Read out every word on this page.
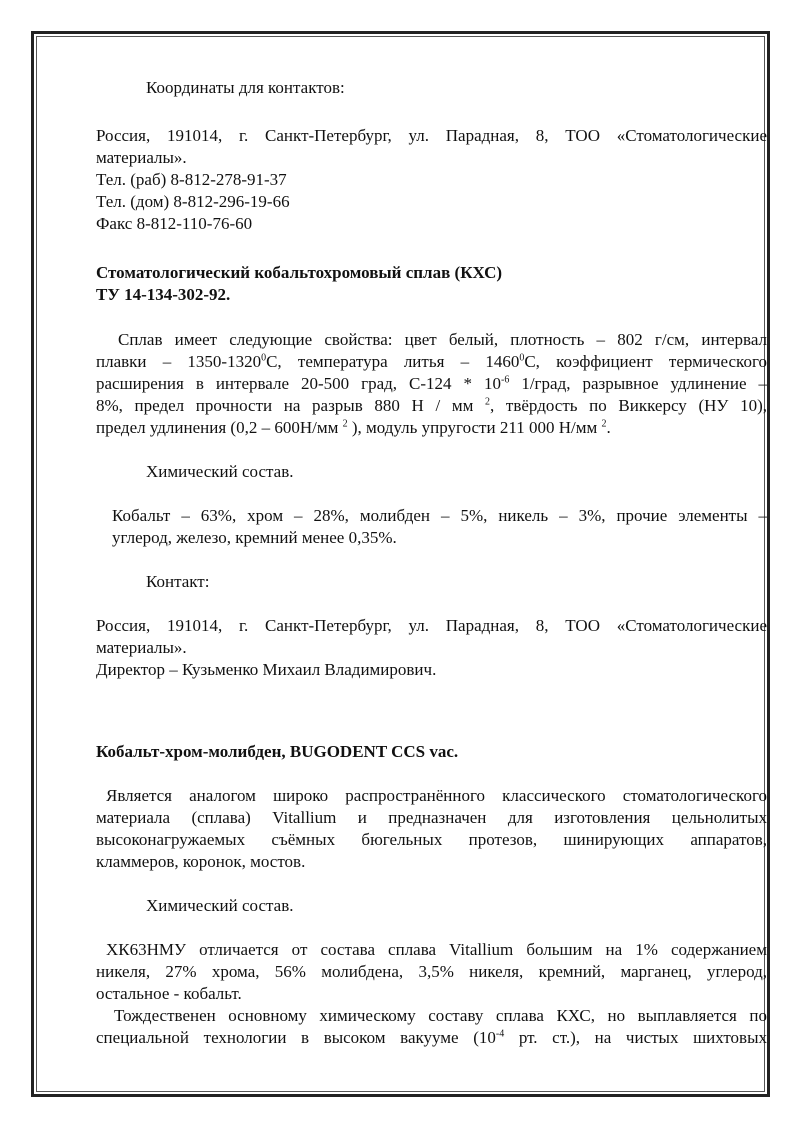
Координаты для контактов:

Россия, 191014, г. Санкт-Петербург, ул. Парадная, 8, ТОО «Стоматологические

материалы».

Тел. (раб) 8-812-278-91-37

Тел. (дом) 8-812-296-19-66

Факс 8-812-110-76-60

Стоматологический кобальтохромовый сплав (КХС)

ТУ 14-134-302-92.

Сплав имеет следующие свойства: цвет белый, плотность – 802 г/см, интервал

плавки – 1350-1320$^0$С, температура литья – 1460$^0$С, коэффициент термического

расширения в интервале 20-500 град, $С-124 * 10^{-6}$ 1/град, разрывное удлинение –

8%, предел прочности на разрыв 880 Н / мм $^2$, твёрдость по Виккерсу (НУ 10),

предел удлинения (0,2 – 600Н/мм $^2$ ), модуль упругости 211 000 Н/мм $^2$.

Химический состав.

Кобальт – 63%, хром – 28%, молибден – 5%, никель – 3%, прочие элементы –

углерод, железо, кремний менее 0,35%.

Контакт:

Россия, 191014, г. Санкт-Петербург, ул. Парадная, 8, ТОО «Стоматологические

материалы».

Директор – Кузьменко Михаил Владимирович.

Кобальт-хром-молибден, BUGODENT CCS vac.

Является аналогом широко распространённого классического стоматологического

материала (сплава) Vitallium и предназначен для изготовления цельнолитых

высоконагружаемых съёмных бюгельных протезов, шинирующих аппаратов,

кламмеров, коронок, мостов.

Химический состав.

ХК63НМУ отличается от состава сплава Vitallium большим на 1% содержанием

никеля, 27% хрома, 56% молибдена, 3,5% никеля, кремний, марганец, углерод,

остальное - кобальт.

Тождественен основному химическому составу сплава КХС, но выплавляется по

специальной технологии в высоком вакууме ($10^{-4}$ рт. ст.), на чистых шихтовых
